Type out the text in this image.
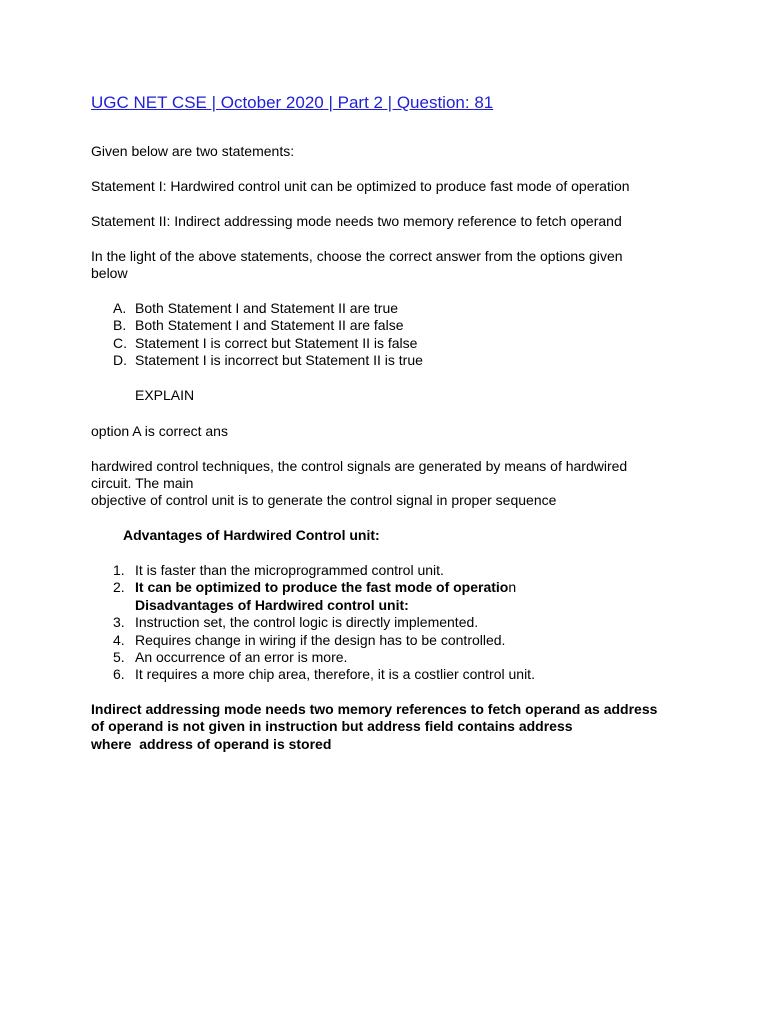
UGC NET CSE | October 2020 | Part 2 | Question: 81
Given below are two statements:
Statement I: Hardwired control unit can be optimized to produce fast mode of operation
Statement II: Indirect addressing mode needs two memory reference to fetch operand
In the light of the above statements, choose the correct answer from the options given
below
A. Both Statement I and Statement II are true
B. Both Statement I and Statement II are false
C. Statement I is correct but Statement II is false
D. Statement I is incorrect but Statement II is true
EXPLAIN
option A is correct ans
hardwired control techniques, the control signals are generated by means of hardwired
circuit. The main
objective of control unit is to generate the control signal in proper sequence
Advantages of Hardwired Control unit:
1. It is faster than the microprogrammed control unit.
2. It can be optimized to produce the fast mode of operation
Disadvantages of Hardwired control unit:
3. Instruction set, the control logic is directly implemented.
4. Requires change in wiring if the design has to be controlled.
5. An occurrence of an error is more.
6. It requires a more chip area, therefore, it is a costlier control unit.
Indirect addressing mode needs two memory references to fetch operand as address
of operand is not given in instruction but address field contains address
where  address of operand is stored
